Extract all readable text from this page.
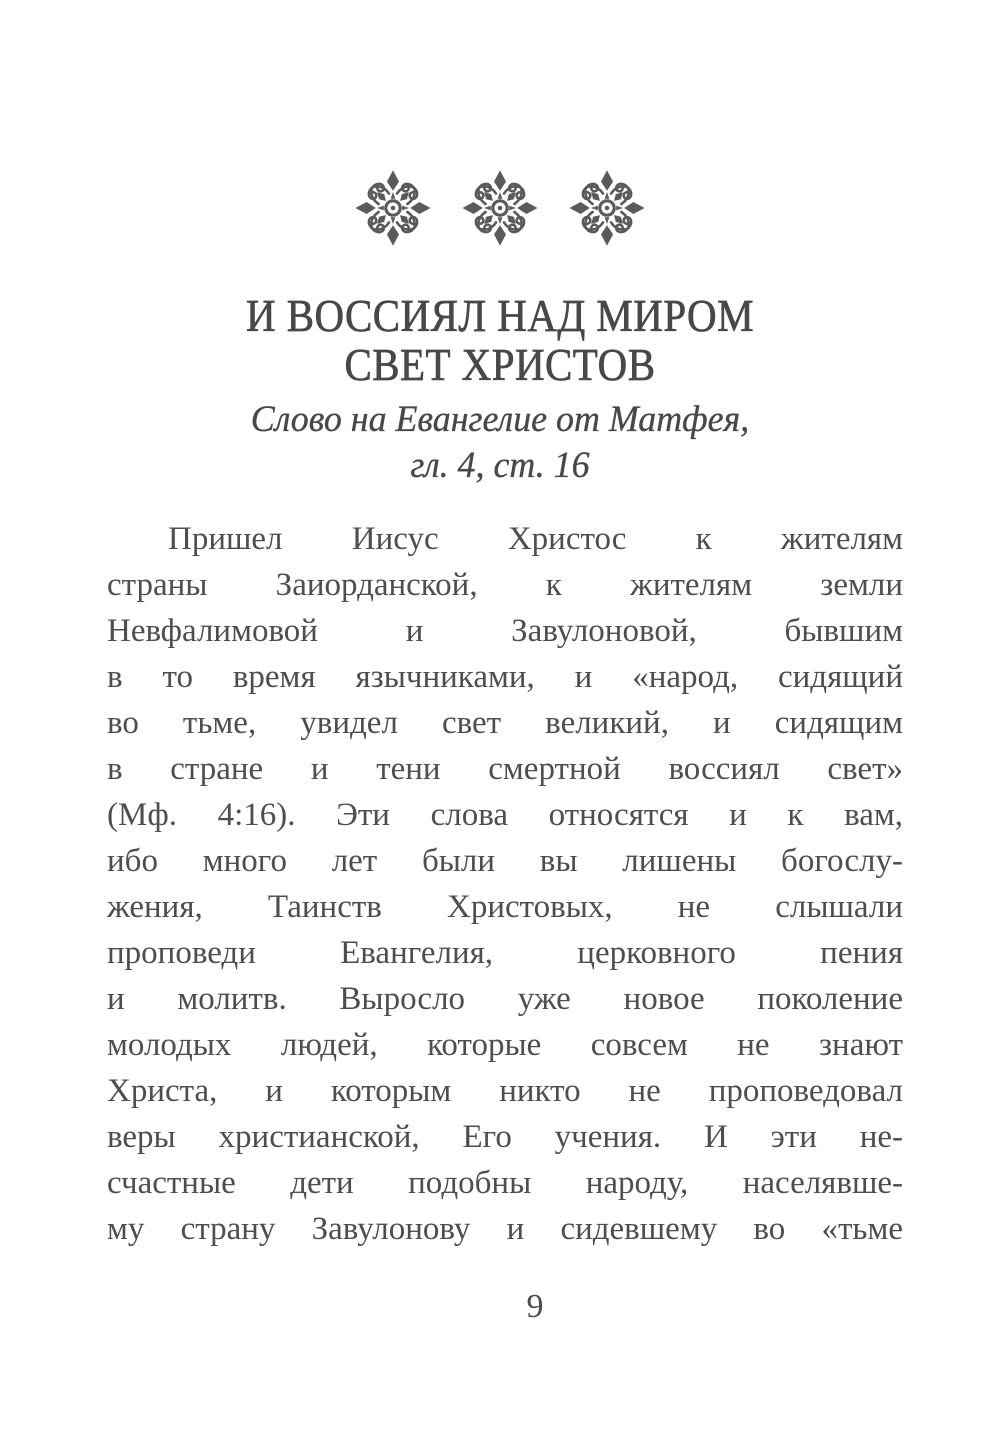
И ВОССИЯЛ НАД МИРОМ
СВЕТ ХРИСТОВ
Слово на Евангелие от Матфея,
гл. 4, ст. 16
Пришел Иисус Христос к жителям
страны Заиорданской, к жителям земли
Невфалимовой и Завулоновой, бывшим
в то время язычниками, и «народ, сидящий
во тьме, увидел свет великий, и сидящим
в стране и тени смертной воссиял свет»
(Мф. 4:16). Эти слова относятся и к вам,
ибо много лет были вы лишены богослу-
жения, Таинств Христовых, не слышали
проповеди Евангелия, церковного пения
и молитв. Выросло уже новое поколение
молодых людей, которые совсем не знают
Христа, и которым никто не проповедовал
веры христианской, Его учения. И эти не-
счастные дети подобны народу, населявше-
му страну Завулонову и сидевшему во «тьме
9
